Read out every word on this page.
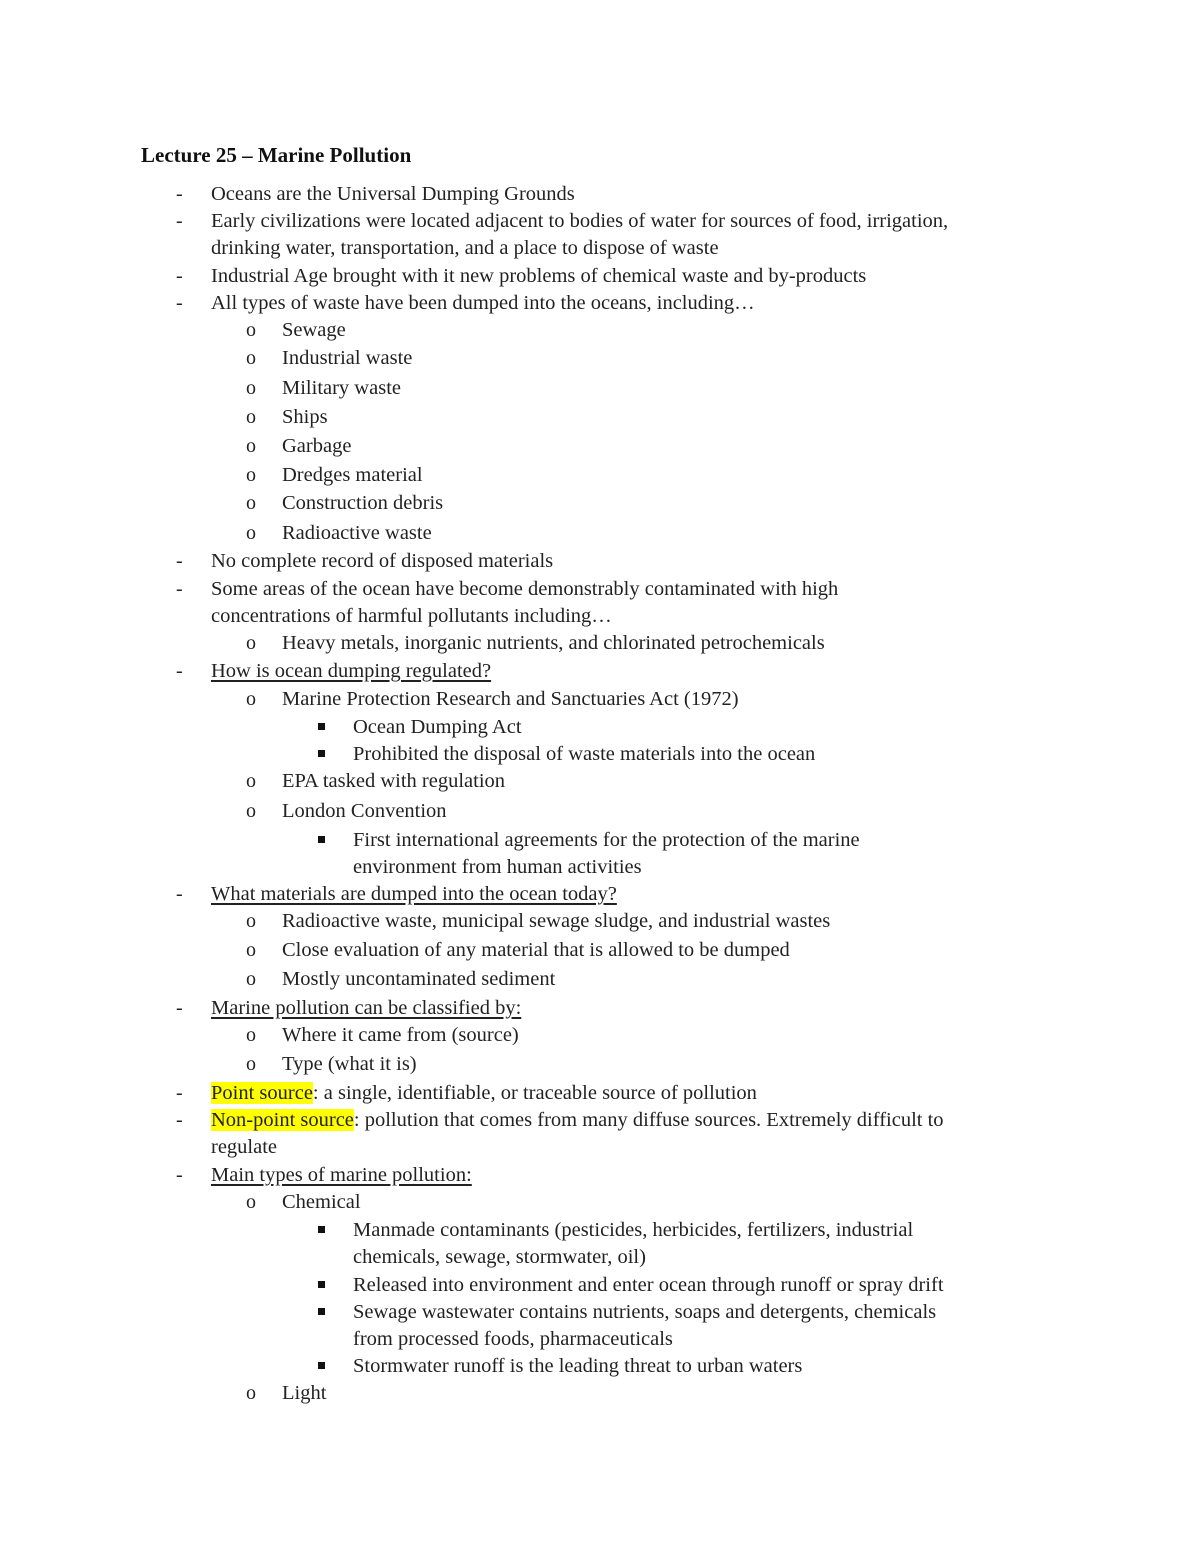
Lecture 25 – Marine Pollution
- Oceans are the Universal Dumping Grounds
- Early civilizations were located adjacent to bodies of water for sources of food, irrigation,
drinking water, transportation, and a place to dispose of waste
- Industrial Age brought with it new problems of chemical waste and by-products
- All types of waste have been dumped into the oceans, including…
o Sewage
o Industrial waste
o Military waste
o Ships
o Garbage
o Dredges material
o Construction debris
o Radioactive waste
- No complete record of disposed materials
- Some areas of the ocean have become demonstrably contaminated with high
concentrations of harmful pollutants including…
o Heavy metals, inorganic nutrients, and chlorinated petrochemicals
- How is ocean dumping regulated?
o Marine Protection Research and Sanctuaries Act (1972)
Ocean Dumping Act
Prohibited the disposal of waste materials into the ocean
o EPA tasked with regulation
o London Convention
First international agreements for the protection of the marine
environment from human activities
- What materials are dumped into the ocean today?
o Radioactive waste, municipal sewage sludge, and industrial wastes
o Close evaluation of any material that is allowed to be dumped
o Mostly uncontaminated sediment
- Marine pollution can be classified by:
o Where it came from (source)
o Type (what it is)
- Point source: a single, identifiable, or traceable source of pollution
- Non-point source: pollution that comes from many diffuse sources. Extremely difficult to
regulate
- Main types of marine pollution:
o Chemical
Manmade contaminants (pesticides, herbicides, fertilizers, industrial
chemicals, sewage, stormwater, oil)
Released into environment and enter ocean through runoff or spray drift
Sewage wastewater contains nutrients, soaps and detergents, chemicals
from processed foods, pharmaceuticals
Stormwater runoff is the leading threat to urban waters
o Light
